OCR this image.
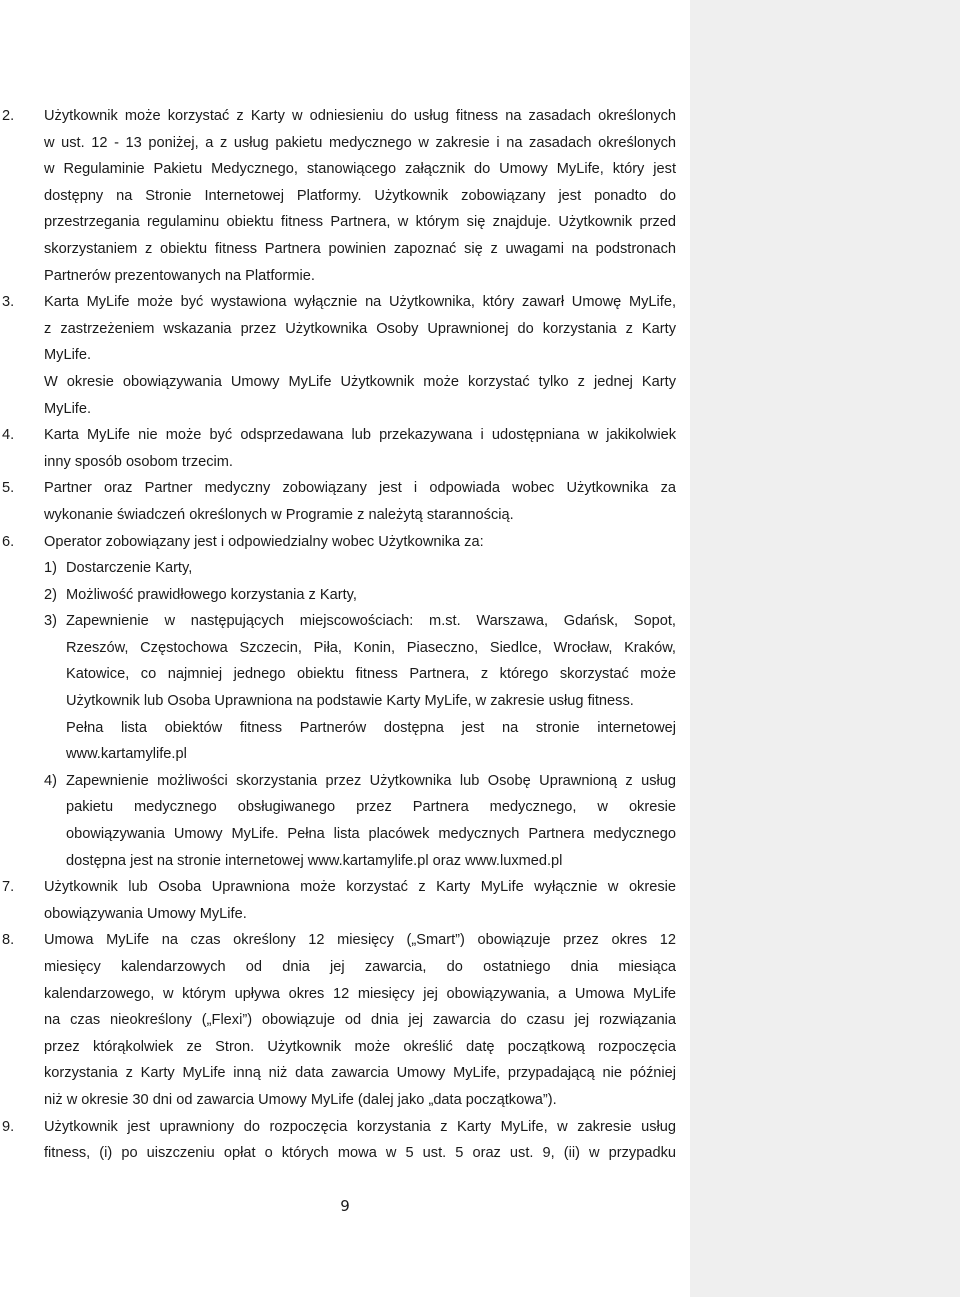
2. Użytkownik może korzystać z Karty w odniesieniu do usług fitness na zasadach określonych
w ust. 12 - 13 poniżej, a z usług pakietu medycznego w zakresie i na zasadach określonych
w Regulaminie Pakietu Medycznego, stanowiącego załącznik do Umowy MyLife, który jest
dostępny na Stronie Internetowej Platformy. Użytkownik zobowiązany jest ponadto do
przestrzegania regulaminu obiektu fitness Partnera, w którym się znajduje. Użytkownik przed
skorzystaniem z obiektu fitness Partnera powinien zapoznać się z uwagami na podstronach
Partnerów prezentowanych na Platformie.
3. Karta MyLife może być wystawiona wyłącznie na Użytkownika, który zawarł Umowę MyLife,
z zastrzeżeniem wskazania przez Użytkownika Osoby Uprawnionej do korzystania z Karty
MyLife.
W okresie obowiązywania Umowy MyLife Użytkownik może korzystać tylko z jednej Karty
MyLife.
4. Karta MyLife nie może być odsprzedawana lub przekazywana i udostępniana w jakikolwiek
inny sposób osobom trzecim.
5. Partner oraz Partner medyczny zobowiązany jest i odpowiada wobec Użytkownika za
wykonanie świadczeń określonych w Programie z należytą starannością.
6. Operator zobowiązany jest i odpowiedzialny wobec Użytkownika za:
1) Dostarczenie Karty,
2) Możliwość prawidłowego korzystania z Karty,
3) Zapewnienie w następujących miejscowościach: m.st. Warszawa, Gdańsk, Sopot,
Rzeszów, Częstochowa Szczecin, Piła, Konin, Piaseczno, Siedlce, Wrocław, Kraków,
Katowice, co najmniej jednego obiektu fitness Partnera, z którego skorzystać może
Użytkownik lub Osoba Uprawniona na podstawie Karty MyLife, w zakresie usług fitness.
Pełna lista obiektów fitness Partnerów dostępna jest na stronie internetowej
www.kartamylife.pl
4) Zapewnienie możliwości skorzystania przez Użytkownika lub Osobę Uprawnioną z usług
pakietu medycznego obsługiwanego przez Partnera medycznego, w okresie
obowiązywania Umowy MyLife. Pełna lista placówek medycznych Partnera medycznego
dostępna jest na stronie internetowej www.kartamylife.pl oraz www.luxmed.pl
7. Użytkownik lub Osoba Uprawniona może korzystać z Karty MyLife wyłącznie w okresie
obowiązywania Umowy MyLife.
8. Umowa MyLife na czas określony 12 miesięcy („Smart”) obowiązuje przez okres 12
miesięcy kalendarzowych od dnia jej zawarcia, do ostatniego dnia miesiąca
kalendarzowego, w którym upływa okres 12 miesięcy jej obowiązywania, a Umowa MyLife
na czas nieokreślony („Flexi”) obowiązuje od dnia jej zawarcia do czasu jej rozwiązania
przez którąkolwiek ze Stron. Użytkownik może określić datę początkową rozpoczęcia
korzystania z Karty MyLife inną niż data zawarcia Umowy MyLife, przypadającą nie później
niż w okresie 30 dni od zawarcia Umowy MyLife (dalej jako „data początkowa”).
9. Użytkownik jest uprawniony do rozpoczęcia korzystania z Karty MyLife, w zakresie usług
fitness, (i) po uiszczeniu opłat o których mowa w 5 ust. 5 oraz ust. 9, (ii) w przypadku
9
